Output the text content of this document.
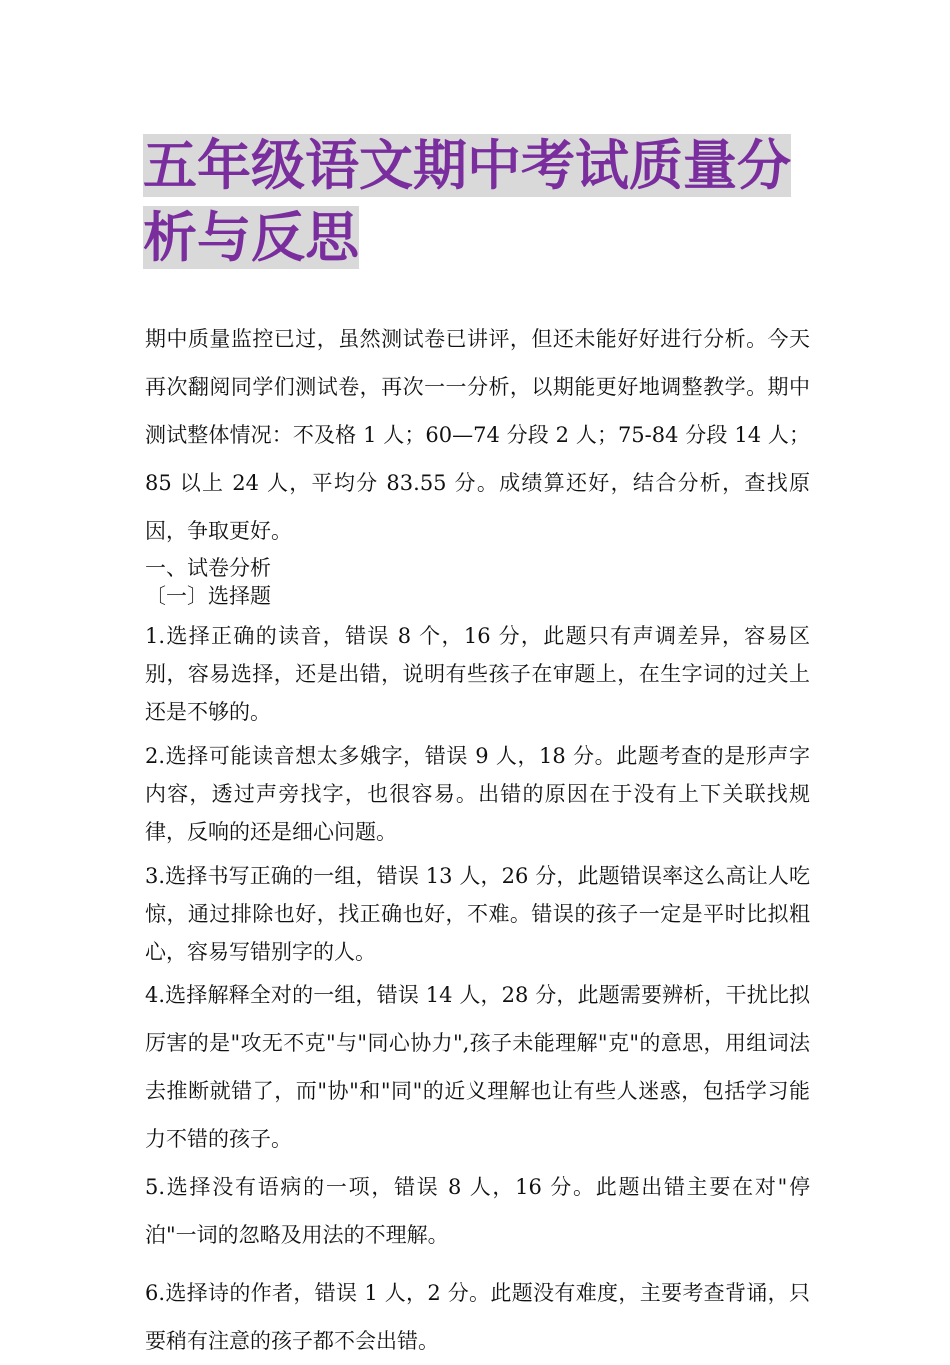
五年级语文期中考试质量分析与反思

期中质量监控已过，虽然测试卷已讲评，但还未能好好进行分析。今天再次翻阅同学们测试卷，再次一一分析，以期能更好地调整教学。期中测试整体情况：不及格 1 人；60—74 分段 2 人；75-84 分段 14 人；85 以上 24 人，平均分 83.55 分。成绩算还好，结合分析，查找原因，争取更好。

一、试卷分析

〔一〕选择题

1.选择正确的读音，错误 8 个，16 分，此题只有声调差异，容易区别，容易选择，还是出错，说明有些孩子在审题上，在生字词的过关上还是不够的。

2.选择可能读音想太多娥字，错误 9 人，18 分。此题考查的是形声字内容，透过声旁找字，也很容易。出错的原因在于没有上下关联找规律，反响的还是细心问题。

3.选择书写正确的一组，错误 13 人，26 分，此题错误率这么高让人吃惊，通过排除也好，找正确也好，不难。错误的孩子一定是平时比拟粗心，容易写错别字的人。

4.选择解释全对的一组，错误 14 人，28 分，此题需要辨析，干扰比拟厉害的是"攻无不克"与"同心协力",孩子未能理解"克"的意思，用组词法去推断就错了，而"协"和"同"的近义理解也让有些人迷惑，包括学习能力不错的孩子。

5.选择没有语病的一项，错误 8 人，16 分。此题出错主要在对"停泊"一词的忽略及用法的不理解。

6.选择诗的作者，错误 1 人，2 分。此题没有难度，主要考查背诵，只要稍有注意的孩子都不会出错。
